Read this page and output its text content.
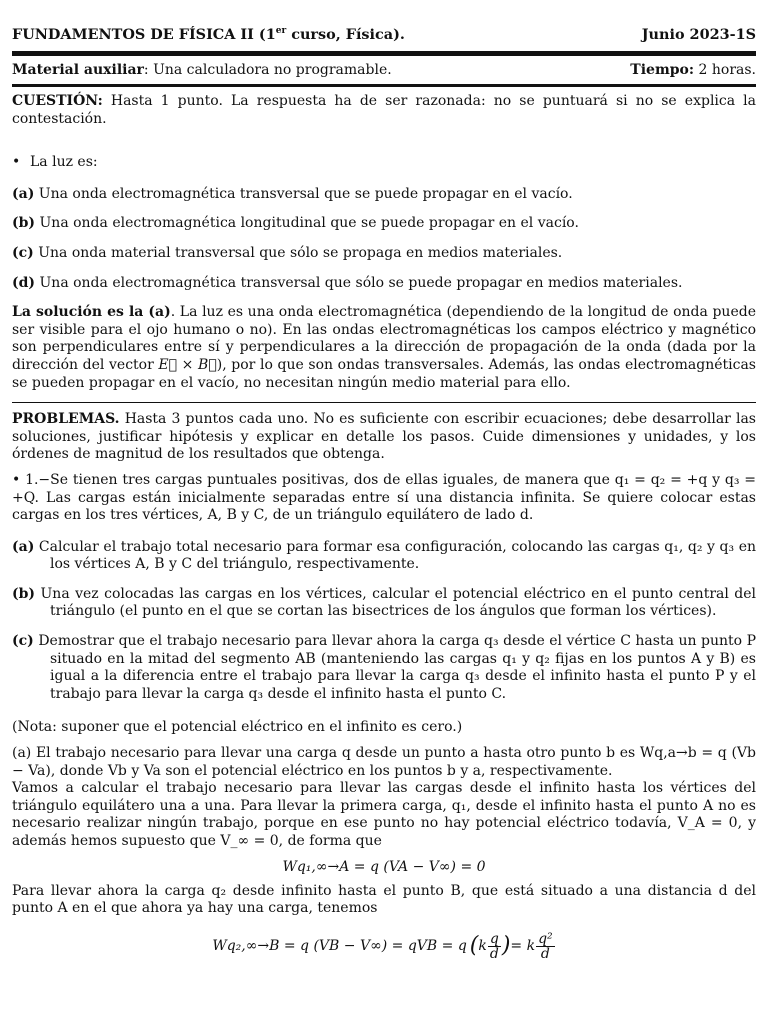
FUNDAMENTOS DE FÍSICA II (1er curso, Física).	Junio 2023-1S
Material auxiliar: Una calculadora no programable.	Tiempo: 2 horas.
CUESTIÓN: Hasta 1 punto. La respuesta ha de ser razonada: no se puntuará si no se explica la contestación.
• La luz es:
(a) Una onda electromagnética transversal que se puede propagar en el vacío.
(b) Una onda electromagnética longitudinal que se puede propagar en el vacío.
(c) Una onda material transversal que sólo se propaga en medios materiales.
(d) Una onda electromagnética transversal que sólo se puede propagar en medios materiales.
La solución es la (a). La luz es una onda electromagnética (dependiendo de la longitud de onda puede ser visible para el ojo humano o no). En las ondas electromagnéticas los campos eléctrico y magnético son perpendiculares entre sí y perpendiculares a la dirección de propagación de la onda (dada por la dirección del vector E⃗ × B⃗), por lo que son ondas transversales. Además, las ondas electromagnéticas se pueden propagar en el vacío, no necesitan ningún medio material para ello.
PROBLEMAS. Hasta 3 puntos cada uno. No es suficiente con escribir ecuaciones; debe desarrollar las soluciones, justificar hipótesis y explicar en detalle los pasos. Cuide dimensiones y unidades, y los órdenes de magnitud de los resultados que obtenga.
• 1.−Se tienen tres cargas puntuales positivas, dos de ellas iguales, de manera que q₁ = q₂ = +q y q₃ = +Q. Las cargas están inicialmente separadas entre sí una distancia infinita. Se quiere colocar estas cargas en los tres vértices, A, B y C, de un triángulo equilátero de lado d.
(a) Calcular el trabajo total necesario para formar esa configuración, colocando las cargas q₁, q₂ y q₃ en los vértices A, B y C del triángulo, respectivamente.
(b) Una vez colocadas las cargas en los vértices, calcular el potencial eléctrico en el punto central del triángulo (el punto en el que se cortan las bisectrices de los ángulos que forman los vértices).
(c) Demostrar que el trabajo necesario para llevar ahora la carga q₃ desde el vértice C hasta un punto P situado en la mitad del segmento AB (manteniendo las cargas q₁ y q₂ fijas en los puntos A y B) es igual a la diferencia entre el trabajo para llevar la carga q₃ desde el infinito hasta el punto P y el trabajo para llevar la carga q₃ desde el infinito hasta el punto C.
(Nota: suponer que el potencial eléctrico en el infinito es cero.)
(a) El trabajo necesario para llevar una carga q desde un punto a hasta otro punto b es Wq,a→b = q (Vb − Va), donde Vb y Va son el potencial eléctrico en los puntos b y a, respectivamente.
Vamos a calcular el trabajo necesario para llevar las cargas desde el infinito hasta los vértices del triángulo equilátero una a una. Para llevar la primera carga, q₁, desde el infinito hasta el punto A no es necesario realizar ningún trabajo, porque en ese punto no hay potencial eléctrico todavía, V_A = 0, y además hemos supuesto que V_∞ = 0, de forma que
Wq₁,∞→A = q (VA − V∞) = 0
Para llevar ahora la carga q₂ desde infinito hasta el punto B, que está situado a una distancia d del punto A en el que ahora ya hay una carga, tenemos
Wq₂,∞→B = q (VB − V∞) = qVB = q ( k $\frac{q}{d}$ ) = k $\frac{\text{q²}}{d}$
